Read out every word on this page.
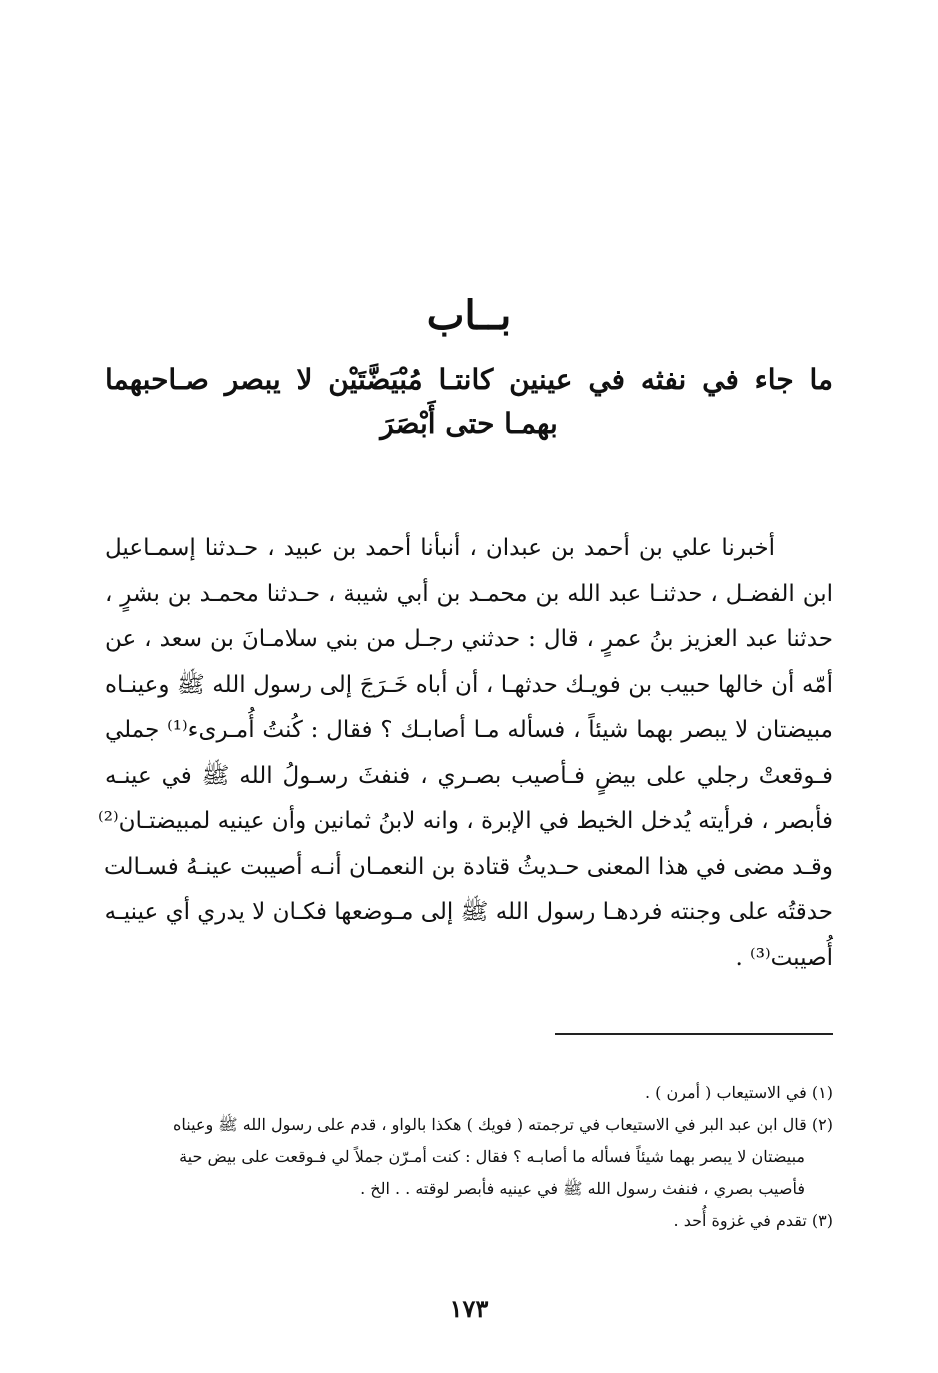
بــاب
ما جاء في نفثه في عينين كانتـا مُبْيَضَّتَيْن لا يبصر صـاحبهما بهمـا حتى أَبْصَرَ
أخبرنا علي بن أحمد بن عبدان ، أنبأنا أحمد بن عبيد ، حـدثنا إسمـاعيل
ابن الفضـل ، حدثنـا عبد الله بن محمـد بن أبي شيبة ، حـدثنا محمـد بن بشرٍ ،
حدثنا عبد العزيز بنُ عمرٍ ، قال : حدثني رجـل من بني سلامـانَ بن سعد ، عن
أمّه أن خالها حبيب بن فويـك حدثهـا ، أن أباه خَـرَجَ إلى رسول الله ﷺ وعينـاه
مبيضتان لا يبصر بهما شيئاً ، فسأله مـا أصابـك ؟ فقال : كُنتُ أُمـرىء⁽¹⁾ جملي
فـوقعتْ رجلي على بيضٍ فـأصيب بصـري ، فنفثَ رسـولُ الله ﷺ في عينـه
فأبصر ، فرأيته يُدخل الخيط في الإبرة ، وانه لابنُ ثمانين وأن عينيه لمبيضتـان⁽²⁾
وقـد مضى في هذا المعنى حـديثُ قتادة بن النعمـان أنـه أصيبت عينـهُ فسـالت
حدقتُه على وجنته فردهـا رسول الله ﷺ إلى مـوضعها فكـان لا يدري أي عينيـه
أُصيبت⁽³⁾ .
(١) في الاستيعاب ( أمرن ) .
(٢) قال ابن عبد البر في الاستيعاب في ترجمته ( فويك ) هكذا بالواو ، قدم على رسول الله ﷺ وعيناه
مبيضتان لا يبصر بهما شيئاً فسأله ما أصابـه ؟ فقال : كنت أمـرّن جملاً لي فـوقعت على بيض حية
فأصيب بصري ، فنفث رسول الله ﷺ في عينيه فأبصر لوقته . . الخ .
(٣) تقدم في غزوة أُحد .
١٧٣
